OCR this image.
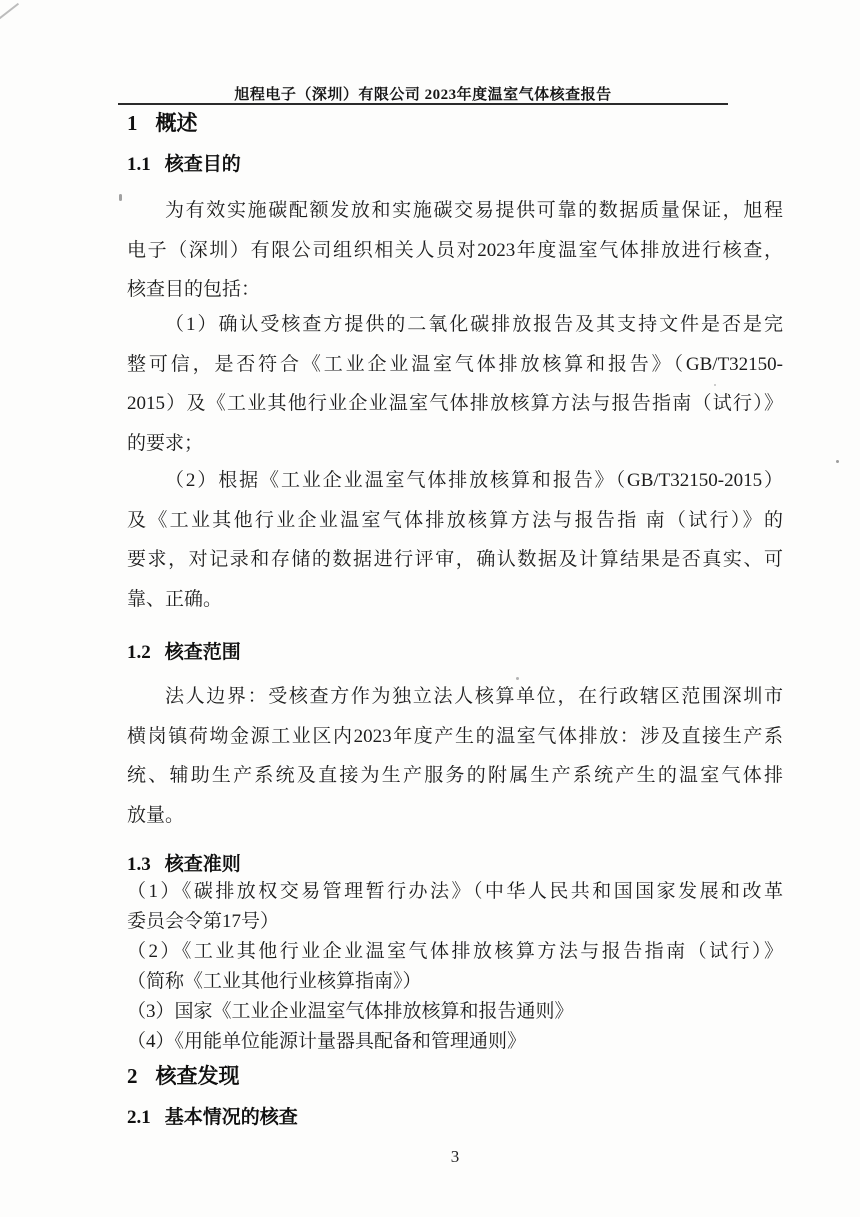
旭程电子（深圳）有限公司 2023年度温室气体核查报告
1 概述
1.1 核查目的
为有效实施碳配额发放和实施碳交易提供可靠的数据质量保证，旭程
电子（深圳）有限公司组织相关人员对2023年度温室气体排放进行核查，
核查目的包括：
（1）确认受核查方提供的二氧化碳排放报告及其支持文件是否是完
整可信，是否符合《工业企业温室气体排放核算和报告》（GB/T32150-
2015）及《工业其他行业企业温室气体排放核算方法与报告指南（试行）》
的要求；
（2）根据《工业企业温室气体排放核算和报告》（GB/T32150-2015）
及《工业其他行业企业温室气体排放核算方法与报告指 南（试行）》的
要求，对记录和存储的数据进行评审，确认数据及计算结果是否真实、可
靠、正确。
1.2 核查范围
法人边界：受核查方作为独立法人核算单位，在行政辖区范围深圳市
横岗镇荷坳金源工业区内2023年度产生的温室气体排放：涉及直接生产系
统、辅助生产系统及直接为生产服务的附属生产系统产生的温室气体排
放量。
1.3 核查准则
（1）《碳排放权交易管理暂行办法》（中华人民共和国国家发展和改革
委员会令第17号）
（2）《工业其他行业企业温室气体排放核算方法与报告指南（试行）》
（简称《工业其他行业核算指南》）
（3）国家《工业企业温室气体排放核算和报告通则》
（4）《用能单位能源计量器具配备和管理通则》
2 核查发现
2.1 基本情况的核查
3
